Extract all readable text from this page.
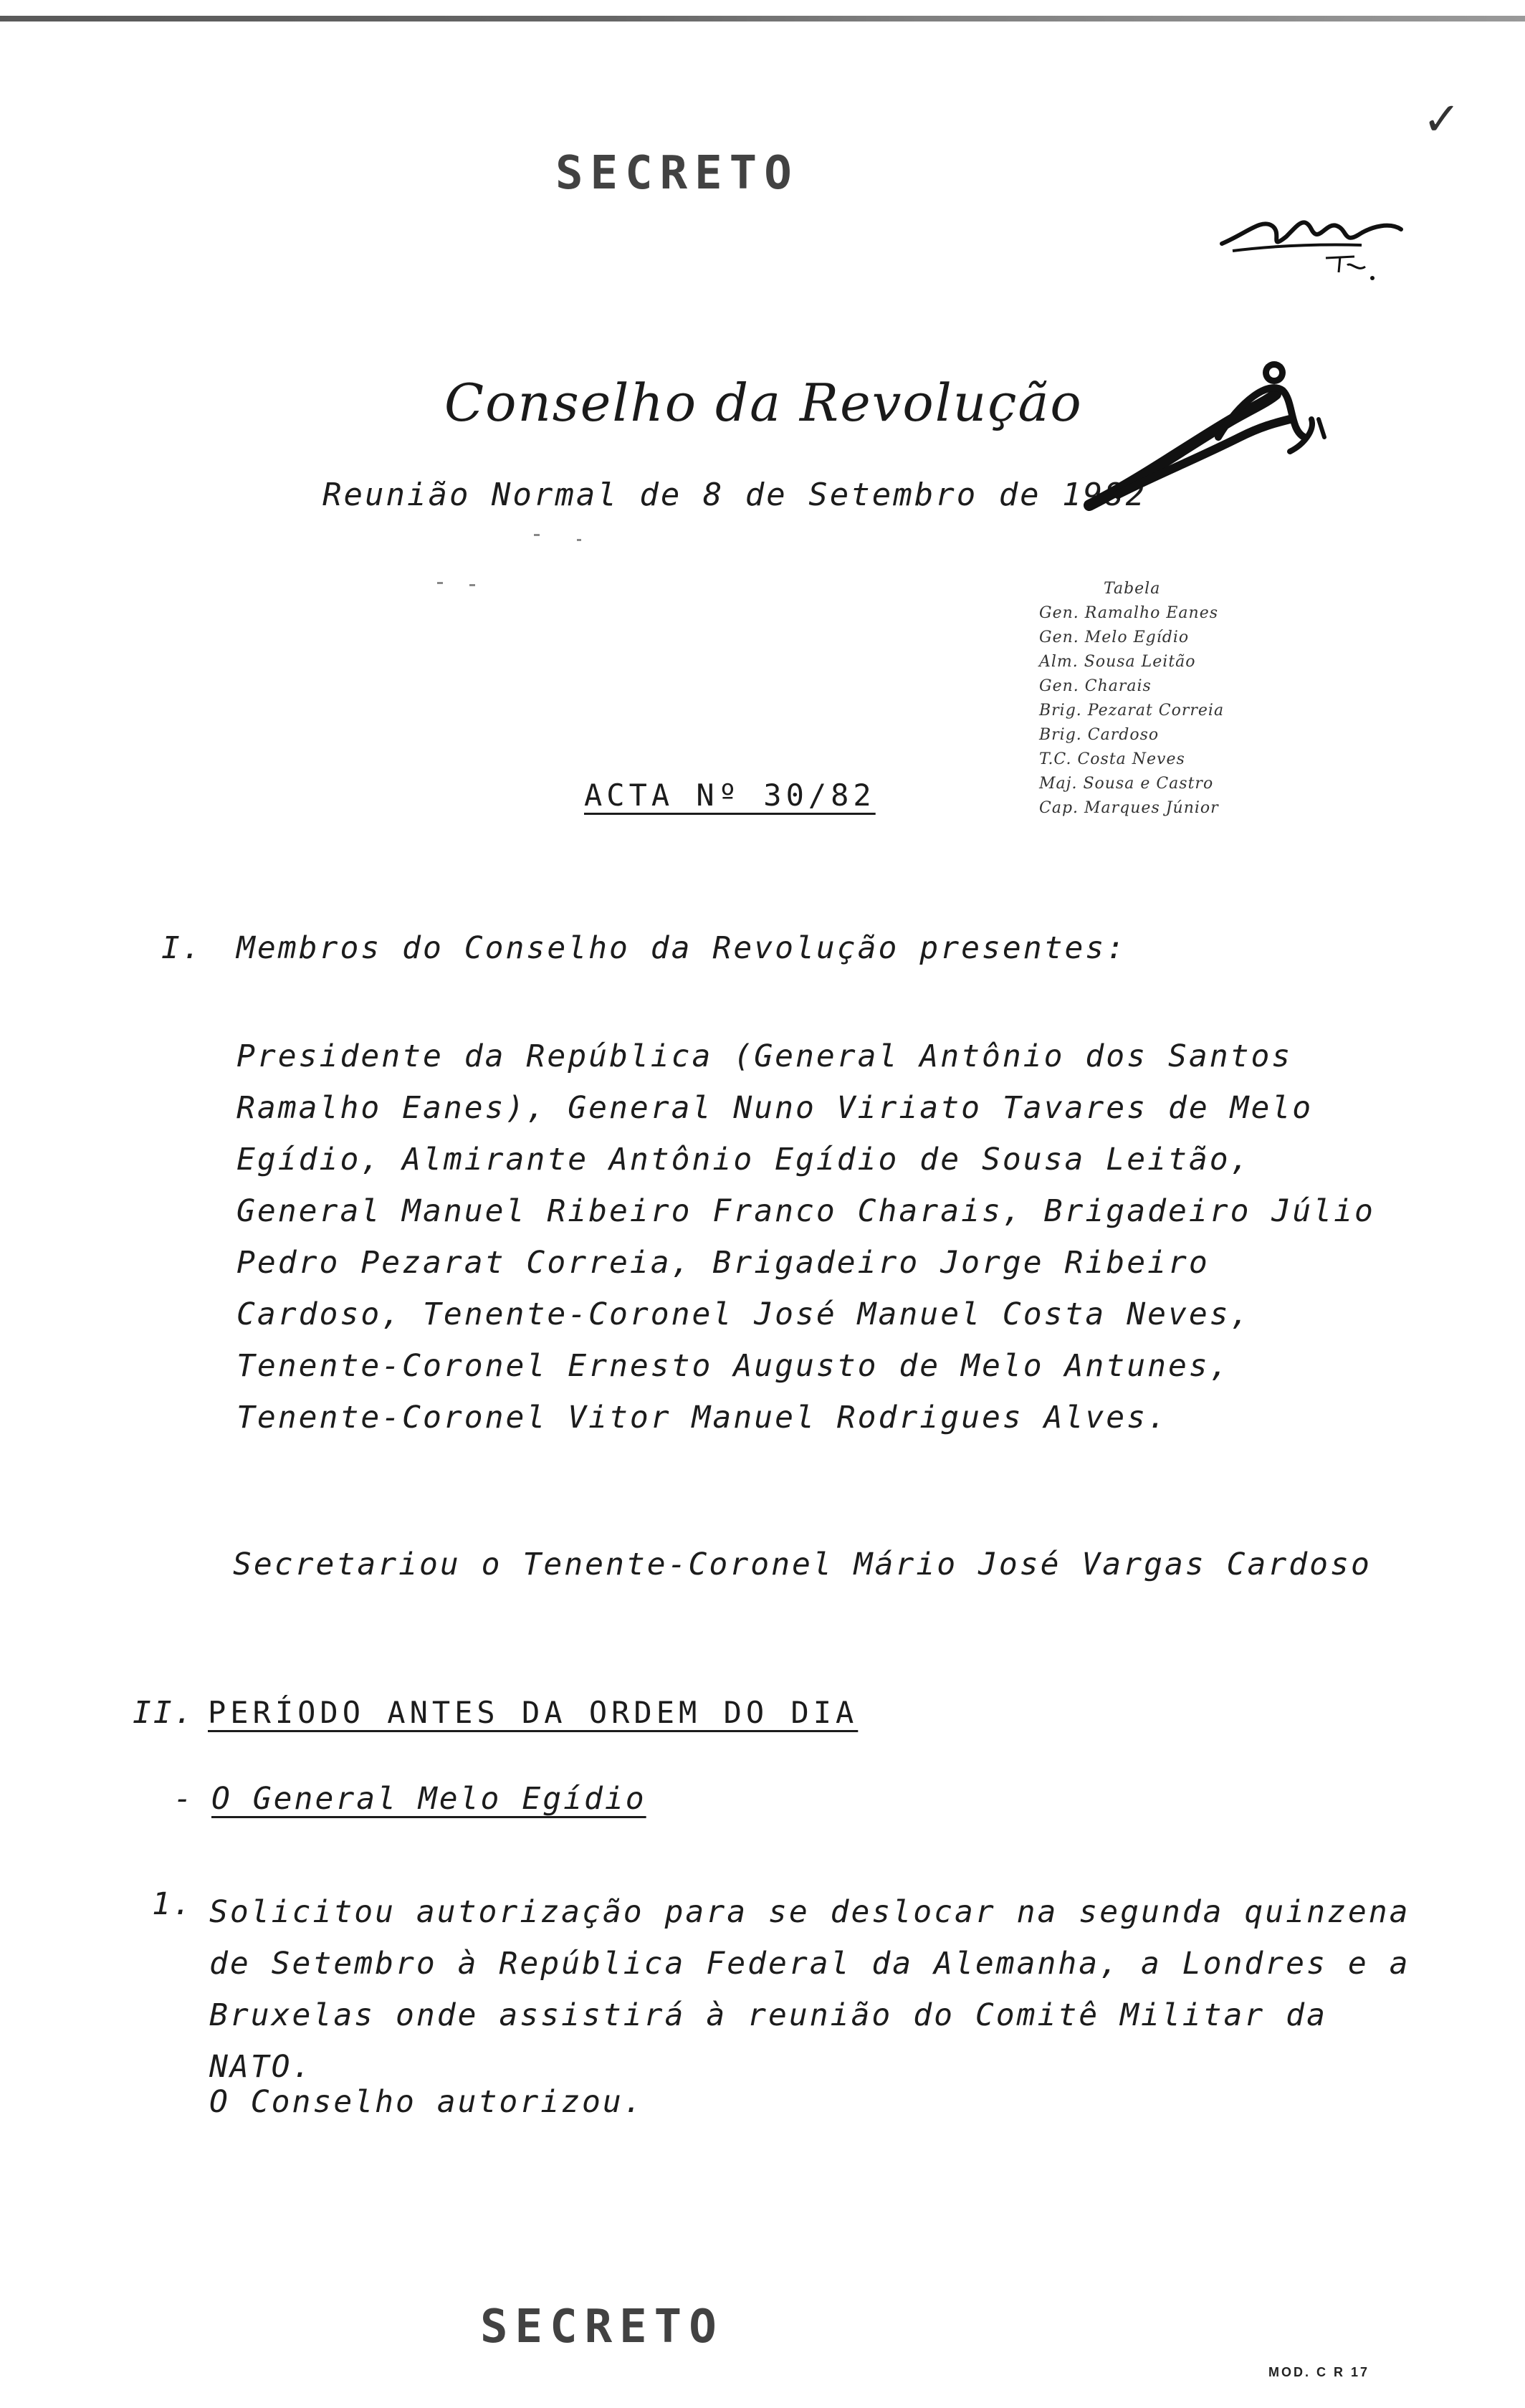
✓
SECRETO
Conselho da Revolução
Reunião Normal de 8 de Setembro de 1982
Tabela
Gen. Ramalho Eanes
Gen. Melo Egídio
Alm. Sousa Leitão
Gen. Charais
Brig. Pezarat Correia
Brig. Cardoso
T.C. Costa Neves
Maj. Sousa e Castro
Cap. Marques Júnior
ACTA Nº 30/82
I. Membros do Conselho da Revolução presentes:
Presidente da República (General Antônio dos Santos Ramalho Eanes), General Nuno Viriato Tavares de Melo Egídio, Almirante Antônio Egídio de Sousa Leitão, General Manuel Ribeiro Franco Charais, Brigadeiro Júlio Pedro Pezarat Correia, Brigadeiro Jorge Ribeiro Cardoso, Tenente-Coronel José Manuel Costa Neves, Tenente-Coronel Ernesto Augusto de Melo Antunes, Tenente-Coronel Vitor Manuel Rodrigues Alves.
Secretariou o Tenente-Coronel Mário José Vargas Cardoso
II. PERÍODO ANTES DA ORDEM DO DIA
- O General Melo Egídio
1. Solicitou autorização para se deslocar na segunda quinzena de Setembro à República Federal da Alemanha, a Londres e a Bruxelas onde assistirá à reunião do Comitê Militar da NATO.
O Conselho autorizou.
SECRETO
MOD. C R 17
